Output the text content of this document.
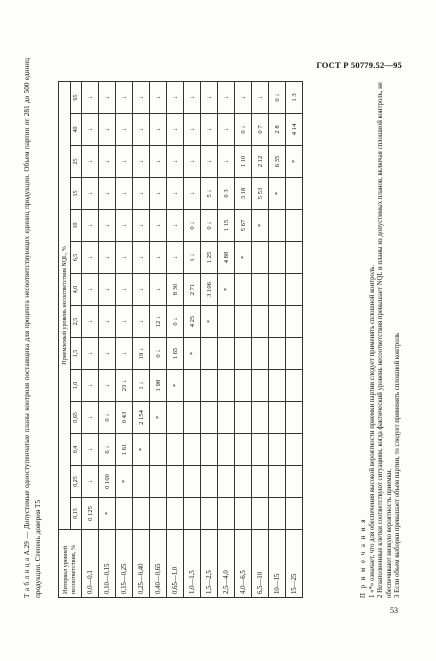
ГОСТ Р 50779.52—95
Т а б л и ц а А.29 — Допустимые одноступенчатые планы контроля поставщика для процента несоответствующих единиц продукции. Объем партии от 281 до 500 единиц продукции. Степень доверия Т5	Интервал уровней несоответствия, %	Приемлемый уровень несоответствия NQL, %													
	0,15	0,25	0,4	0,65	1,0	1,5	2,5	4,0	6,5	10	15	25	40	65
0,0—0,1	0 125	↓	↓	↓	↓	↓	↓	↓	↓	↓	↓	↓	↓	↓
0,10—0,15	*	0 100	6 ↓	0 ↓	↓	↓	↓	↓	↓	↓	↓	↓	↓	↓
0,15—0,25		*	1 61	0 43	23 ↓	↓	↓	↓	↓	↓	↓	↓	↓	↓
0,25—0,40			*	2 154	1 ↓	19 ↓	↓	↓	↓	↓	↓	↓	↓	↓
0,40—0,65				*	1 98	0 ↓	12 ↓	↓	↓	↓	↓	↓	↓	↓
0,65—1,0					*	1 65	0 ↓	8 30	↓	↓	↓	↓	↓	↓
1,0—1,5						*	4 25	2 71	1 ↓	0 ↓	↓	↓	↓	↓
1,5—2,5							*	3 106	1 25	0 ↓	5 ↓	↓	↓	↓
2,5—4,0								*	4 88	1 15	0 3	↓	↓	↓
4,0—6,5									*	5 67	3 18	1 10	0 ↓	↓
6,5—10										*	5 53	2 12	0 7	↓
10—15											*	6 35	2 8	0 ↓
15—25												*	4 14	1 3
П р и м е ч а н и я 1 «*» означает, что для обеспечения высокой вероятности приемки партии следует применять сплошной контроль. 2 Незаполненные клетки соответствуют ситуациям, когда фактический уровень несоответствия превышает NQL и планы из допустимых планов, включая сплошной контроль, не обеспечивают низкую вероятность приемки. 3 Если объем выборки превышает объем партии, то следует применять сплошной контроль
53
